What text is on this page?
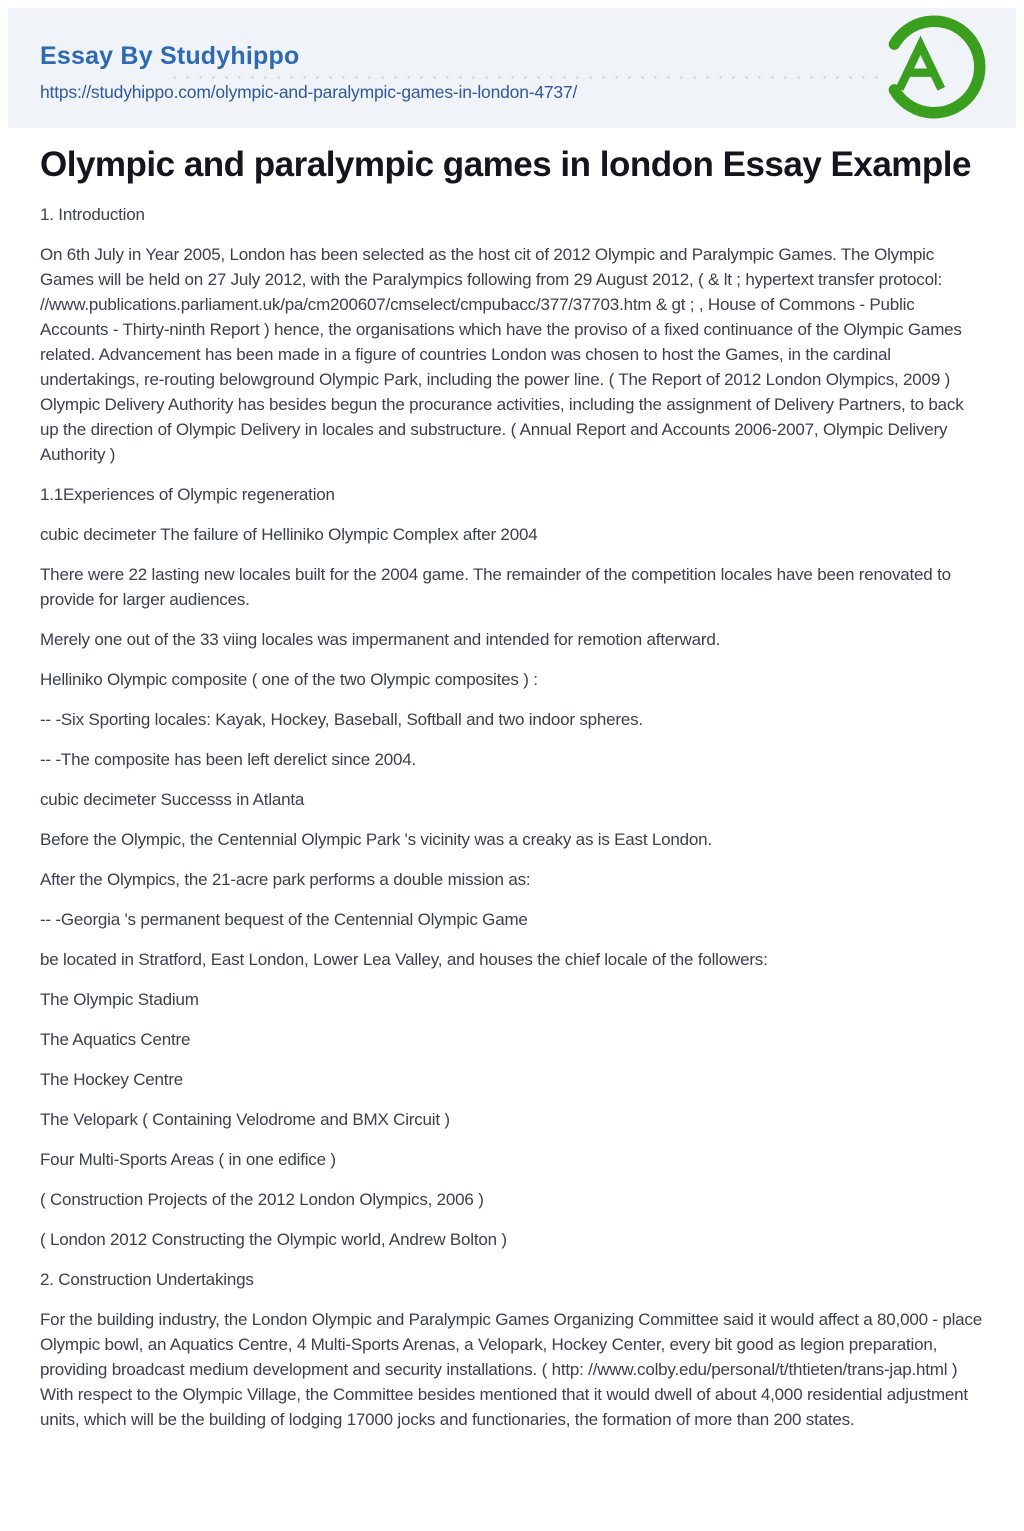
Essay By Studyhippo
https://studyhippo.com/olympic-and-paralympic-games-in-london-4737/
Olympic and paralympic games in london Essay Example

1. Introduction

On 6th July in Year 2005, London has been selected as the host cit of 2012 Olympic and Paralympic Games. The Olympic Games will be held on 27 July 2012, with the Paralympics following from 29 August 2012, ( & lt ; hypertext transfer protocol: //www.publications.parliament.uk/pa/cm200607/cmselect/cmpubacc/377/37703.htm & gt ; , House of Commons - Public Accounts - Thirty-ninth Report ) hence, the organisations which have the proviso of a fixed continuance of the Olympic Games related. Advancement has been made in a figure of countries London was chosen to host the Games, in the cardinal undertakings, re-routing belowground Olympic Park, including the power line. ( The Report of 2012 London Olympics, 2009 ) Olympic Delivery Authority has besides begun the procurance activities, including the assignment of Delivery Partners, to back up the direction of Olympic Delivery in locales and substructure. ( Annual Report and Accounts 2006-2007, Olympic Delivery Authority )

1.1Experiences of Olympic regeneration

cubic decimeter The failure of Helliniko Olympic Complex after 2004

There were 22 lasting new locales built for the 2004 game. The remainder of the competition locales have been renovated to provide for larger audiences.

Merely one out of the 33 viing locales was impermanent and intended for remotion afterward.

Helliniko Olympic composite ( one of the two Olympic composites ) :

-- -Six Sporting locales: Kayak, Hockey, Baseball, Softball and two indoor spheres.

-- -The composite has been left derelict since 2004.

cubic decimeter Successs in Atlanta

Before the Olympic, the Centennial Olympic Park 's vicinity was a creaky as is East London.

After the Olympics, the 21-acre park performs a double mission as:

-- -Georgia 's permanent bequest of the Centennial Olympic Game

be located in Stratford, East London, Lower Lea Valley, and houses the chief locale of the followers:

The Olympic Stadium

The Aquatics Centre

The Hockey Centre

The Velopark ( Containing Velodrome and BMX Circuit )

Four Multi-Sports Areas ( in one edifice )

( Construction Projects of the 2012 London Olympics, 2006 )

( London 2012 Constructing the Olympic world, Andrew Bolton )

2. Construction Undertakings

For the building industry, the London Olympic and Paralympic Games Organizing Committee said it would affect a 80,000 - place Olympic bowl, an Aquatics Centre, 4 Multi-Sports Arenas, a Velopark, Hockey Center, every bit good as legion preparation, providing broadcast medium development and security installations. ( http: //www.colby.edu/personal/t/thtieten/trans-jap.html ) With respect to the Olympic Village, the Committee besides mentioned that it would dwell of about 4,000 residential adjustment units, which will be the building of lodging 17000 jocks and functionaries, the formation of more than 200 states.
